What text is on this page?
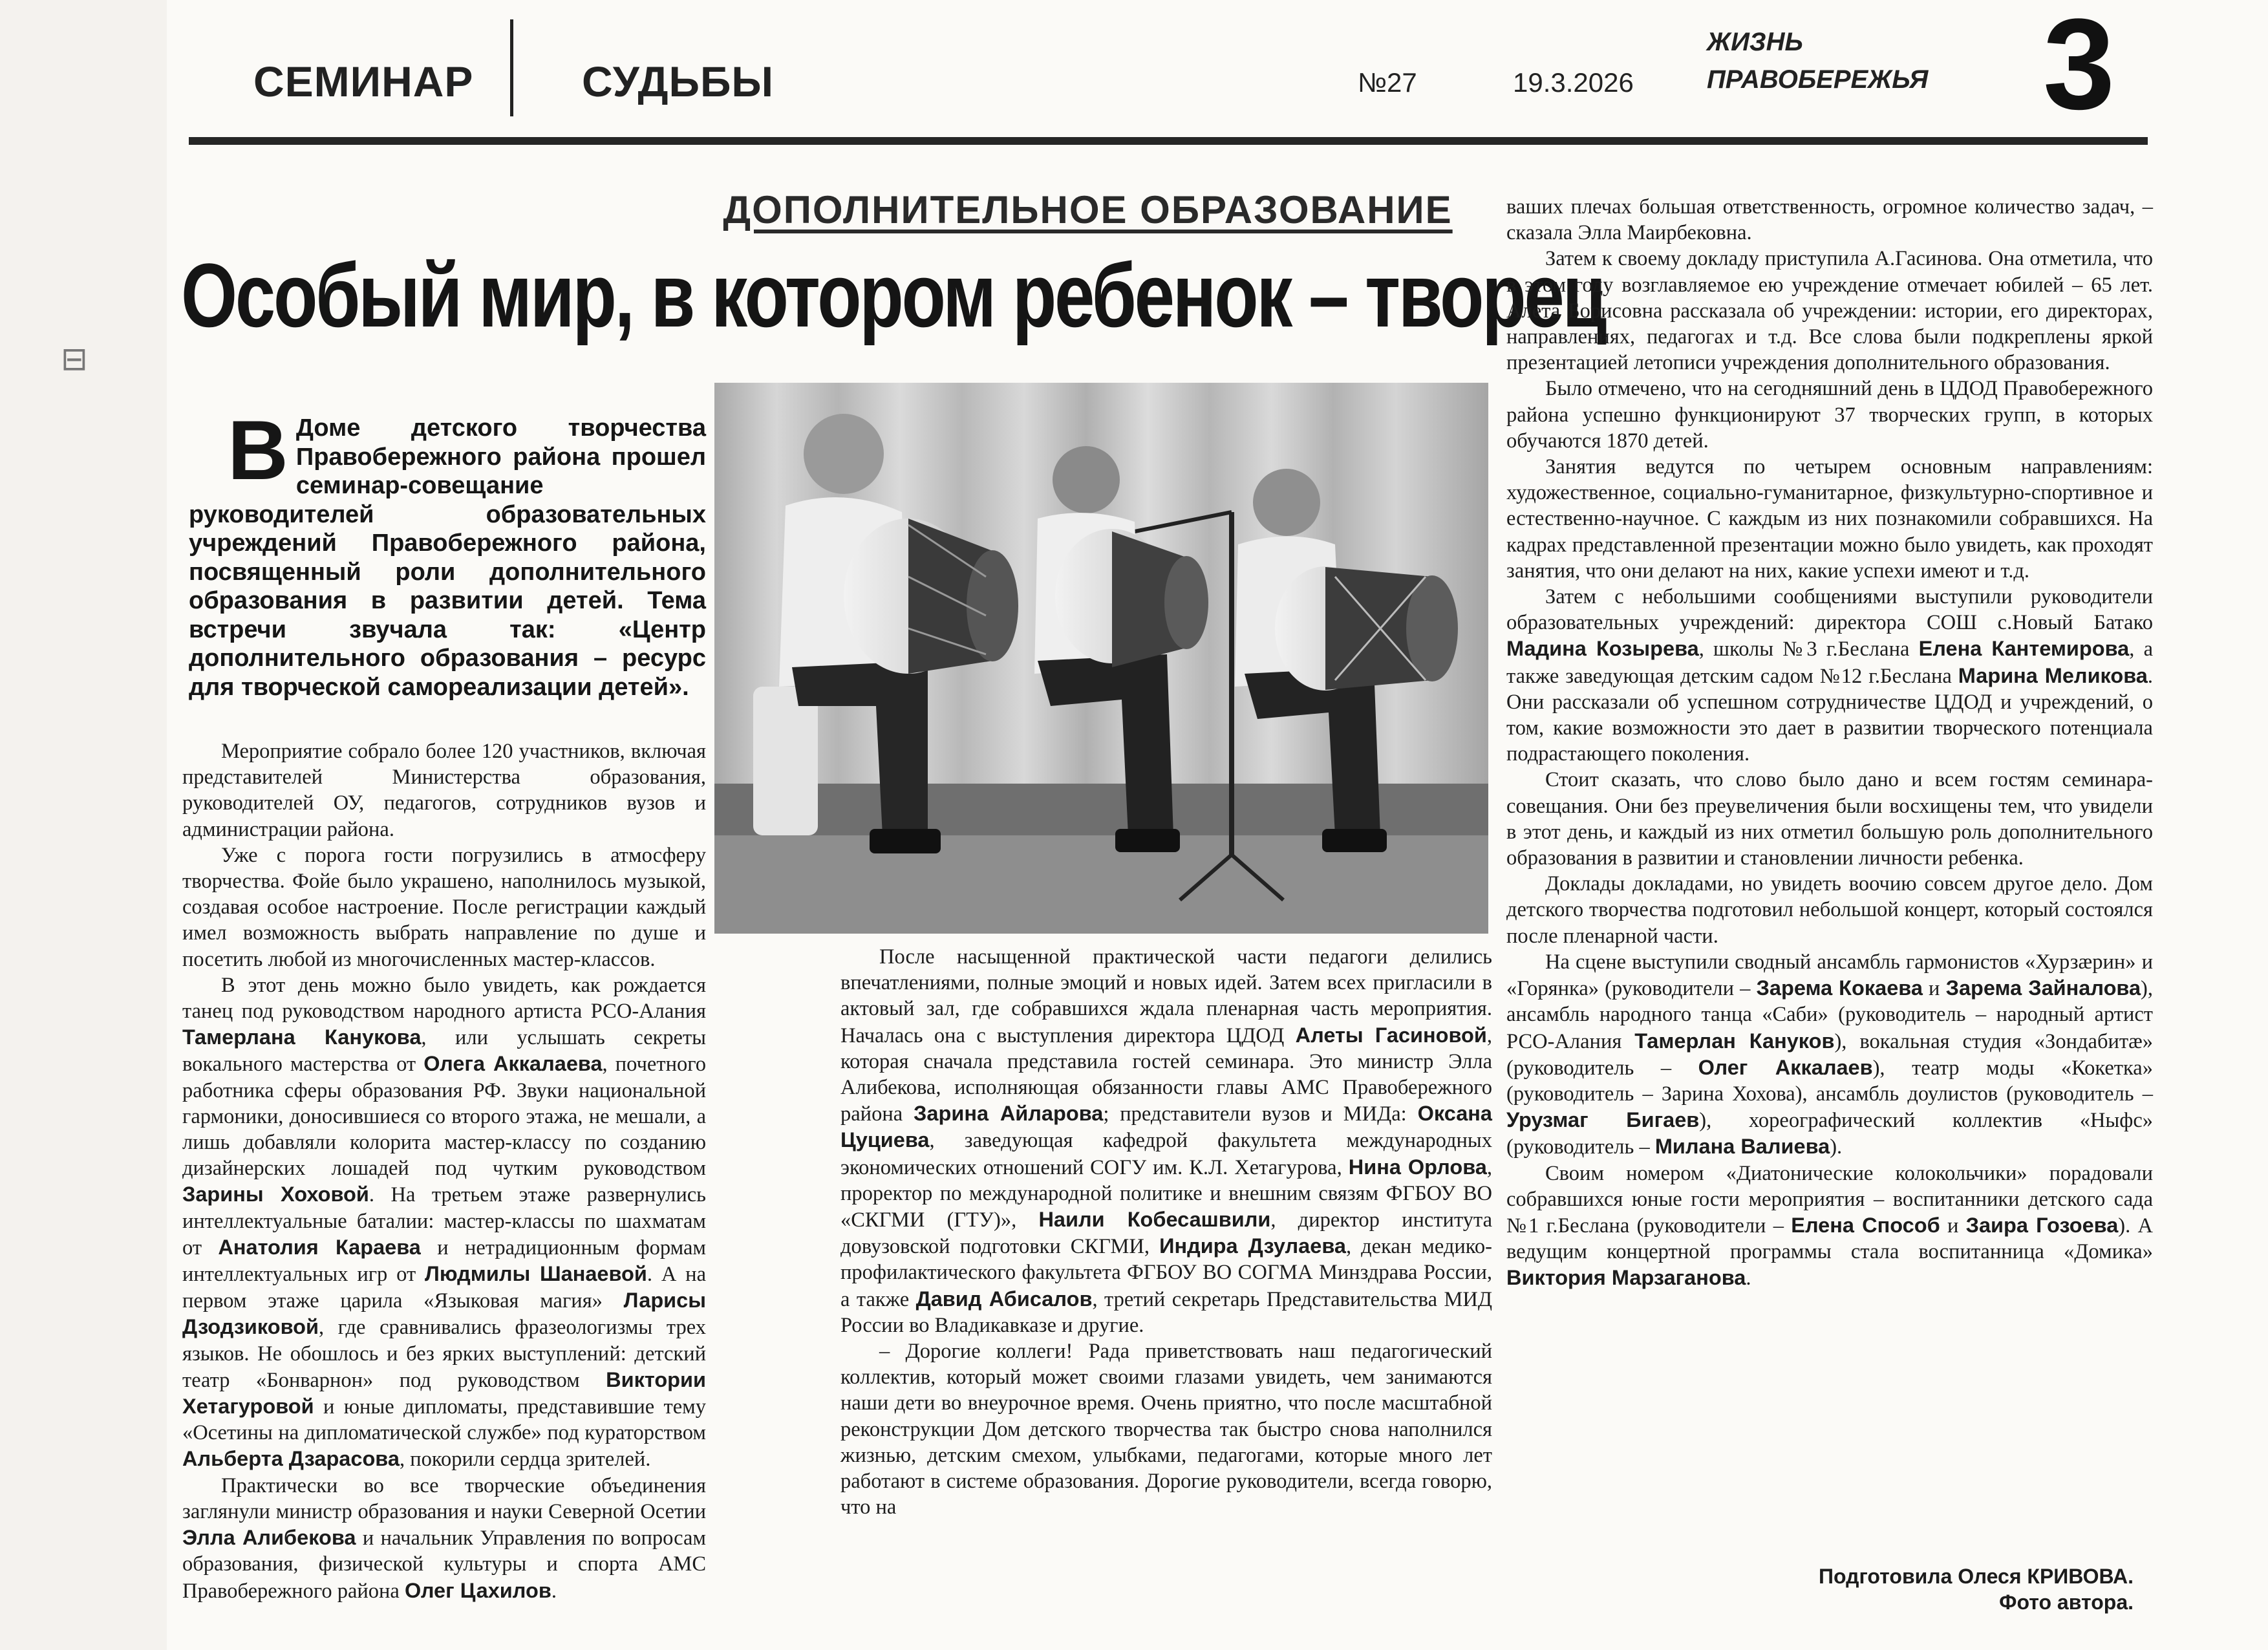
⊟
СЕМИНАР	СУДЬБЫ	№27	19.3.2026
ЖИЗНЬ
ПРАВОБЕРЕЖЬЯ 3
ДОПОЛНИТЕЛЬНОЕ ОБРАЗОВАНИЕ
Особый мир, в котором ребенок – творец
В Доме детского творчества Правобережного района прошел семинар-совещание руководителей образовательных учреждений Правобережного района, посвященный роли дополнительного образования в развитии детей. Тема встречи звучала так: «Центр дополнительного образования – ресурс для творческой самореализации детей».

Мероприятие собрало более 120 участников, включая представителей Министерства образования, руководителей ОУ, педагогов, сотрудников вузов и администрации района.

Уже с порога гости погрузились в атмосферу творчества. Фойе было украшено, наполнилось музыкой, создавая особое настроение. После регистрации каждый имел возможность выбрать направление по душе и посетить любой из многочисленных мастер-классов.

В этот день можно было увидеть, как рождается танец под руководством народного артиста РСО-Алания Тамерлана Канукова, или услышать секреты вокального мастерства от Олега Аккалаева, почетного работника сферы образования РФ. Звуки национальной гармоники, доносившиеся со второго этажа, не мешали, а лишь добавляли колорита мастер-классу по созданию дизайнерских лошадей под чутким руководством Зарины Хоховой. На третьем этаже развернулись интеллектуальные баталии: мастер-классы по шахматам от Анатолия Караева и нетрадиционным формам интеллектуальных игр от Людмилы Шанаевой. А на первом этаже царила «Языковая магия» Ларисы Дзодзиковой, где сравнивались фразеологизмы трех языков. Не обошлось и без ярких выступлений: детский театр «Бонварнон» под руководством Виктории Хетагуровой и юные дипломаты, представившие тему «Осетины на дипломатической службе» под кураторством Альберта Дзарасова, покорили сердца зрителей.

Практически во все творческие объединения заглянули министр образования и науки Северной Осетии Элла Алибекова и начальник Управления по вопросам образования, физической культуры и спорта АМС Правобережного района Олег Цахилов.

После насыщенной практической части педагоги делились впечатлениями, полные эмоций и новых идей. Затем всех пригласили в актовый зал, где собравшихся ждала пленарная часть мероприятия. Началась она с выступления директора ЦДОД Алеты Гасиновой, которая сначала представила гостей семинара. Это министр Элла Алибекова, исполняющая обязанности главы АМС Правобережного района Зарина Айларова; представители вузов и МИДа: Оксана Цуциева, заведующая кафедрой факультета международных экономических отношений СОГУ им. К.Л. Хетагурова, Нина Орлова, проректор по международной политике и внешним связям ФГБОУ ВО «СКГМИ (ГТУ)», Наили Кобесашвили, директор института довузовской подготовки СКГМИ, Индира Дзулаева, декан медико-профилактического факультета ФГБОУ ВО СОГМА Минздрава России, а также Давид Абисалов, третий секретарь Представительства МИД России во Владикавказе и другие.

– Дорогие коллеги! Рада приветствовать наш педагогический коллектив, который может своими глазами увидеть, чем занимаются наши дети во внеурочное время. Очень приятно, что после масштабной реконструкции Дом детского творчества так быстро снова наполнился жизнью, детским смехом, улыбками, педагогами, которые много лет работают в системе образования. Дорогие руководители, всегда говорю, что на

ваших плечах большая ответственность, огромное количество задач, – сказала Элла Маирбековна.

Затем к своему докладу приступила А.Гасинова. Она отметила, что в этом году возглавляемое ею учреждение отмечает юбилей – 65 лет. Алета Борисовна рассказала об учреждении: истории, его директорах, направлениях, педагогах и т.д. Все слова были подкреплены яркой презентацией летописи учреждения дополнительного образования.

Было отмечено, что на сегодняшний день в ЦДОД Правобережного района успешно функционируют 37 творческих групп, в которых обучаются 1870 детей.

Занятия ведутся по четырем основным направлениям: художественное, социально-гуманитарное, физкультурно-спортивное и естественно-научное. С каждым из них познакомили собравшихся. На кадрах представленной презентации можно было увидеть, как проходят занятия, что они делают на них, какие успехи имеют и т.д.

Затем с небольшими сообщениями выступили руководители образовательных учреждений: директора СОШ с.Новый Батако Мадина Козырева, школы №3 г.Беслана Елена Кантемирова, а также заведующая детским садом №12 г.Беслана Марина Меликова. Они рассказали об успешном сотрудничестве ЦДОД и учреждений, о том, какие возможности это дает в развитии творческого потенциала подрастающего поколения.

Стоит сказать, что слово было дано и всем гостям семинара-совещания. Они без преувеличения были восхищены тем, что увидели в этот день, и каждый из них отметил большую роль дополнительного образования в развитии и становлении личности ребенка.

Доклады докладами, но увидеть воочию совсем другое дело. Дом детского творчества подготовил небольшой концерт, который состоялся после пленарной части.

На сцене выступили сводный ансамбль гармонистов «Хурзæрин» и «Горянка» (руководители – Зарема Кокаева и Зарема Зайналова), ансамбль народного танца «Саби» (руководитель – народный артист РСО-Алания Тамерлан Кануков), вокальная студия «Зондабитæ» (руководитель – Олег Аккалаев), театр моды «Кокетка» (руководитель – Зарина Хохова), ансамбль доулистов (руководитель – Урузмаг Бигаев), хореографический коллектив «Ныфс» (руководитель – Милана Валиева).

Своим номером «Диатонические колокольчики» порадовали собравшихся юные гости мероприятия – воспитанники детского сада №1 г.Беслана (руководители – Елена Способ и Заира Гозоева). А ведущим концертной программы стала воспитанница «Домика» Виктория Марзаганова.

Подготовила Олеся КРИВОВА.
Фото автора.
